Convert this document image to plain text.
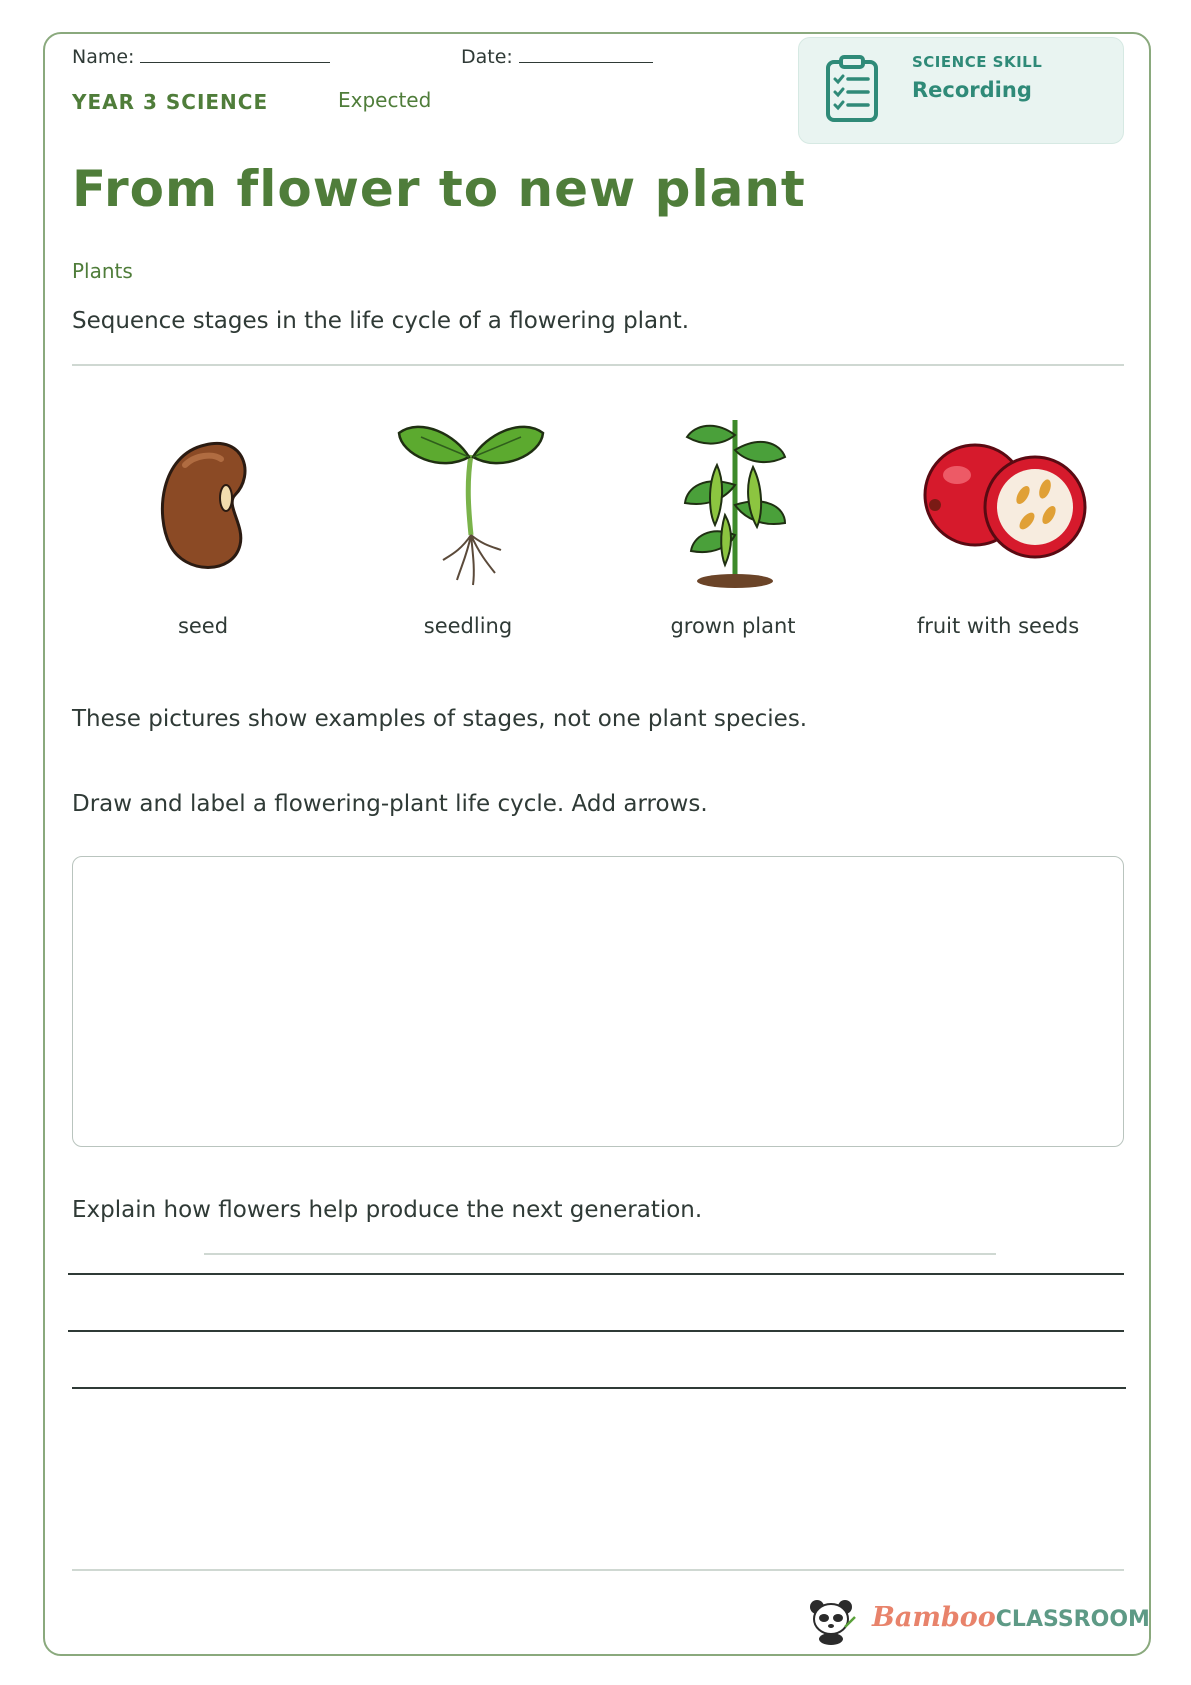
Name:	Date:
YEAR 3 SCIENCE	Expected
SCIENCE SKILL
Recording
From flower to new plant
Plants
Sequence stages in the life cycle of a flowering plant.
seed	seedling	grown plant	fruit with seeds
These pictures show examples of stages, not one plant species.
Draw and label a flowering-plant life cycle. Add arrows.
Explain how flowers help produce the next generation.
BambooCLASSROOM
